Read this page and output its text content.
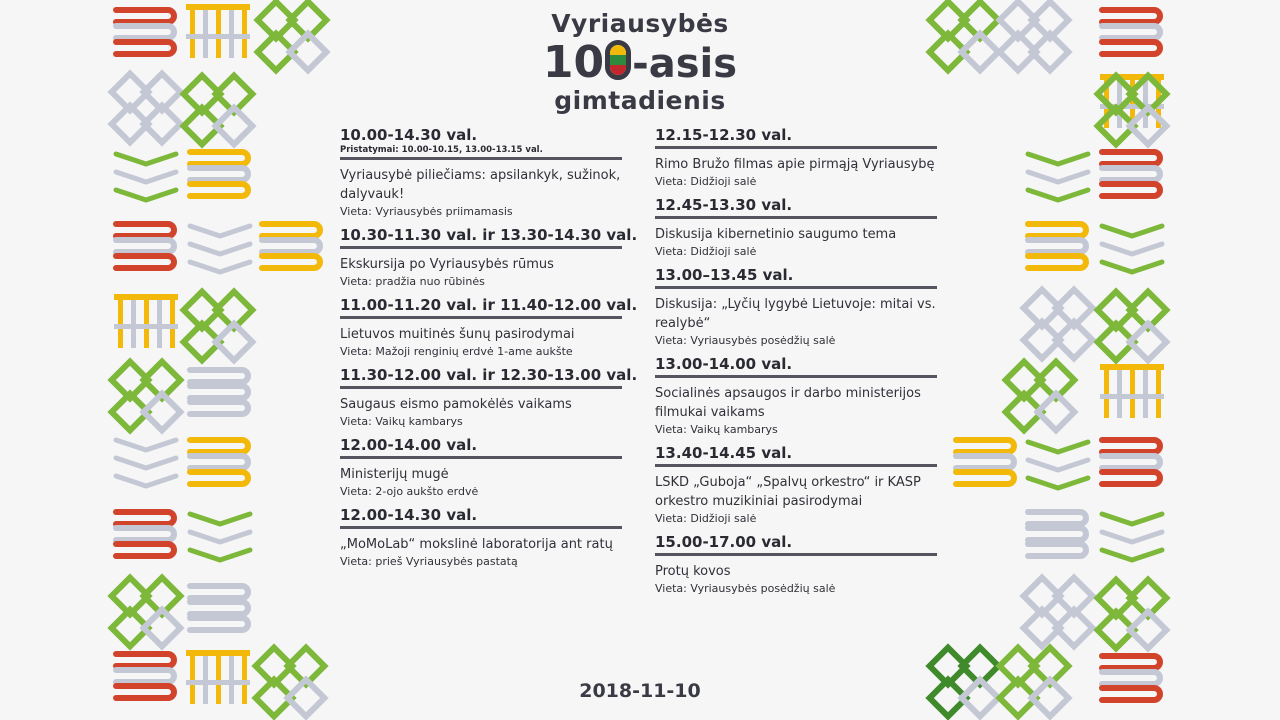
Vyriausybės
10 -asis
gimtadienis
10.00-14.30 val.
Pristatymai: 10.00-10.15, 13.00-13.15 val.
Vyriausybė piliečiams: apsilankyk, sužinok, dalyvauk!
Vieta: Vyriausybės priimamasis
10.30-11.30 val. ir 13.30-14.30 val.
Ekskursija po Vyriausybės rūmus
Vieta: pradžia nuo rūbinės
11.00-11.20 val. ir 11.40-12.00 val.
Lietuvos muitinės šunų pasirodymai
Vieta: Mažoji renginių erdvė 1-ame aukšte
11.30-12.00 val. ir 12.30-13.00 val.
Saugaus eismo pamokėlės vaikams
Vieta: Vaikų kambarys
12.00-14.00 val.
Ministerijų mugė
Vieta: 2-ojo aukšto erdvė
12.00-14.30 val.
„MoMoLab“ mokslinė laboratorija ant ratų
Vieta: prieš Vyriausybės pastatą
12.15-12.30 val.
Rimo Bružo filmas apie pirmąją Vyriausybę
Vieta: Didžioji salė
12.45-13.30 val.
Diskusija kibernetinio saugumo tema
Vieta: Didžioji salė
13.00–13.45 val.
Diskusija: „Lyčių lygybė Lietuvoje: mitai vs. realybė“
Vieta: Vyriausybės posėdžių salė
13.00-14.00 val.
Socialinės apsaugos ir darbo ministerijos filmukai vaikams
Vieta: Vaikų kambarys
13.40-14.45 val.
LSKD „Gubojа“ „Spalvų orkestro“ ir KASP orkestro muzikiniai pasirodymai
Vieta: Didžioji salė
15.00-17.00 val.
Protų kovos
Vieta: Vyriausybės posėdžių salė
2018-11-10
